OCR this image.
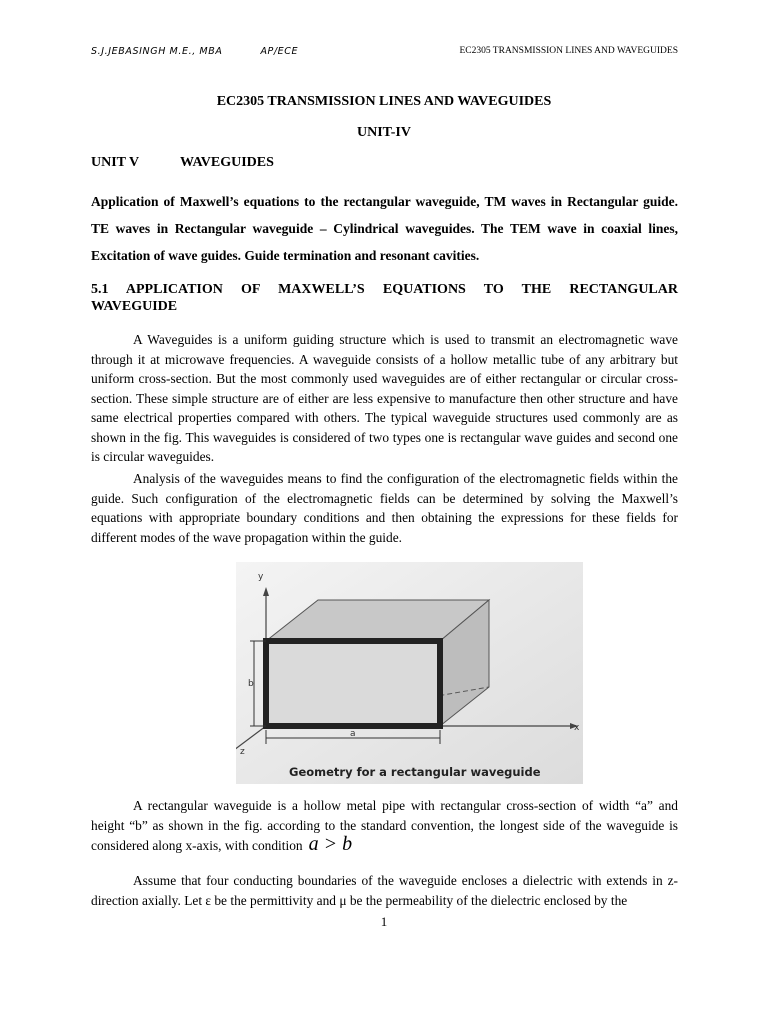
S.J.JEBASINGH M.E., MBA	AP/ECE	EC2305 TRANSMISSION LINES AND WAVEGUIDES
EC2305 TRANSMISSION LINES AND WAVEGUIDES
UNIT-IV
UNIT V	WAVEGUIDES
Application of Maxwell’s equations to the rectangular waveguide, TM waves in Rectangular guide. TE waves in Rectangular waveguide – Cylindrical waveguides. The TEM wave in coaxial lines, Excitation of wave guides. Guide termination and resonant cavities.
5.1 APPLICATION OF MAXWELL’S EQUATIONS TO THE RECTANGULAR
WAVEGUIDE
A Waveguides is a uniform guiding structure which is used to transmit an electromagnetic wave through it at microwave frequencies. A waveguide consists of a hollow metallic tube of any arbitrary but uniform cross-section. But the most commonly used waveguides are of either rectangular or circular cross- section. These simple structure are of either are less expensive to manufacture then other structure and have same electrical properties compared with others. The typical waveguide structures used commonly are as shown in the fig. This waveguides is considered of two types one is rectangular wave guides and second one is circular waveguides.
Analysis of the waveguides means to find the configuration of the electromagnetic fields within the guide. Such configuration of the electromagnetic fields can be determined by solving the Maxwell’s equations with appropriate boundary conditions and then obtaining the expressions for these fields for different modes of the wave propagation within the guide.
y
x
z
b
a
Geometry for a rectangular waveguide
A rectangular waveguide is a hollow metal pipe with rectangular cross-section of width “a” and height “b” as shown in the fig. according to the standard convention, the longest side of the waveguide is considered along x-axis, with condition a > b
Assume that four conducting boundaries of the waveguide encloses a dielectric with extends in z-direction axially. Let ε be the permittivity and μ be the permeability of the dielectric enclosed by the
1
